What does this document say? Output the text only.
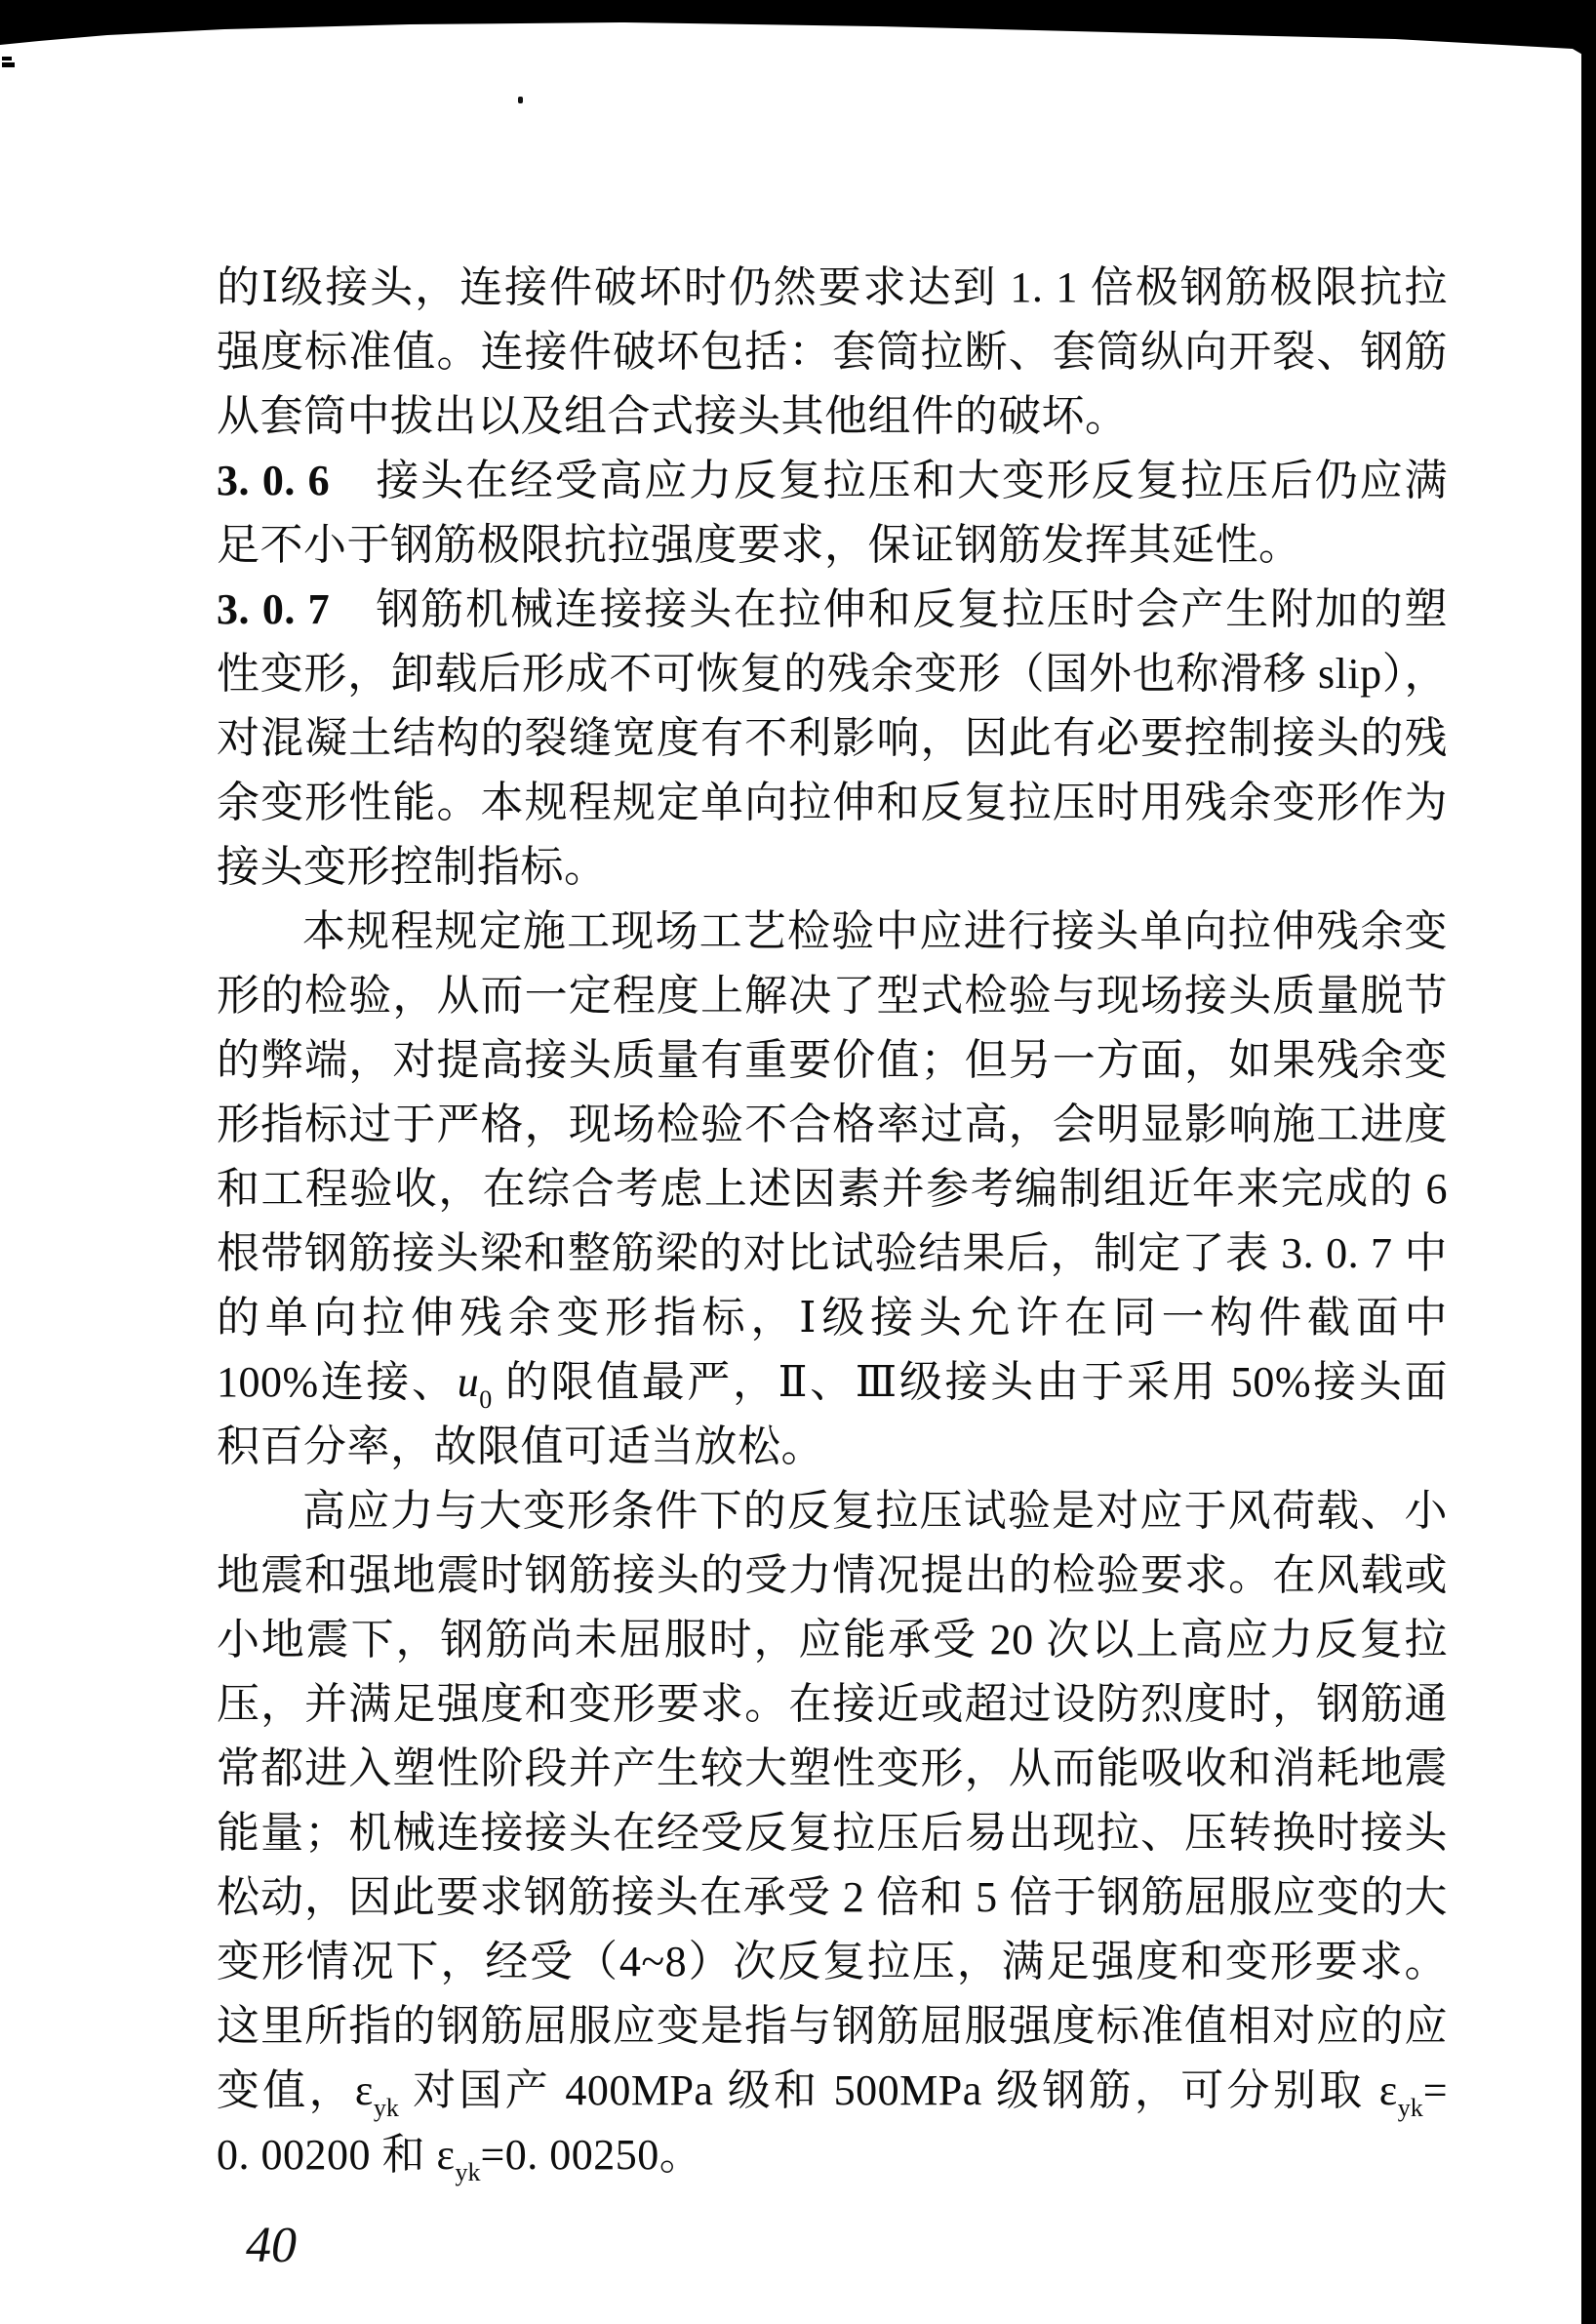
的Ⅰ级接头，连接件破坏时仍然要求达到 1. 1 倍极钢筋极限抗拉
强度标准值。连接件破坏包括：套筒拉断、套筒纵向开裂、钢筋
从套筒中拔出以及组合式接头其他组件的破坏。
3. 0. 6　接头在经受高应力反复拉压和大变形反复拉压后仍应满
足不小于钢筋极限抗拉强度要求，保证钢筋发挥其延性。
3. 0. 7　钢筋机械连接接头在拉伸和反复拉压时会产生附加的塑
性变形，卸载后形成不可恢复的残余变形（国外也称滑移 slip），
对混凝土结构的裂缝宽度有不利影响，因此有必要控制接头的残
余变形性能。本规程规定单向拉伸和反复拉压时用残余变形作为
接头变形控制指标。
本规程规定施工现场工艺检验中应进行接头单向拉伸残余变
形的检验，从而一定程度上解决了型式检验与现场接头质量脱节
的弊端，对提高接头质量有重要价值；但另一方面，如果残余变
形指标过于严格，现场检验不合格率过高，会明显影响施工进度
和工程验收，在综合考虑上述因素并参考编制组近年来完成的 6
根带钢筋接头梁和整筋梁的对比试验结果后，制定了表 3. 0. 7 中
的单向拉伸残余变形指标，Ⅰ级接头允许在同一构件截面中
100%连接、$u_0$ 的限值最严，Ⅱ、Ⅲ级接头由于采用 50%接头面
积百分率，故限值可适当放松。
高应力与大变形条件下的反复拉压试验是对应于风荷载、小
地震和强地震时钢筋接头的受力情况提出的检验要求。在风载或
小地震下，钢筋尚未屈服时，应能承受 20 次以上高应力反复拉
压，并满足强度和变形要求。在接近或超过设防烈度时，钢筋通
常都进入塑性阶段并产生较大塑性变形，从而能吸收和消耗地震
能量；机械连接接头在经受反复拉压后易出现拉、压转换时接头
松动，因此要求钢筋接头在承受 2 倍和 5 倍于钢筋屈服应变的大
变形情况下，经受（4~8）次反复拉压，满足强度和变形要求。
这里所指的钢筋屈服应变是指与钢筋屈服强度标准值相对应的应
变值，$\varepsilon_{yk}$ 对国产 400MPa 级和 500MPa 级钢筋，可分别取 $\varepsilon_{yk}=$
0. 00200 和 $\varepsilon_{yk}=0$. 00250。
40
